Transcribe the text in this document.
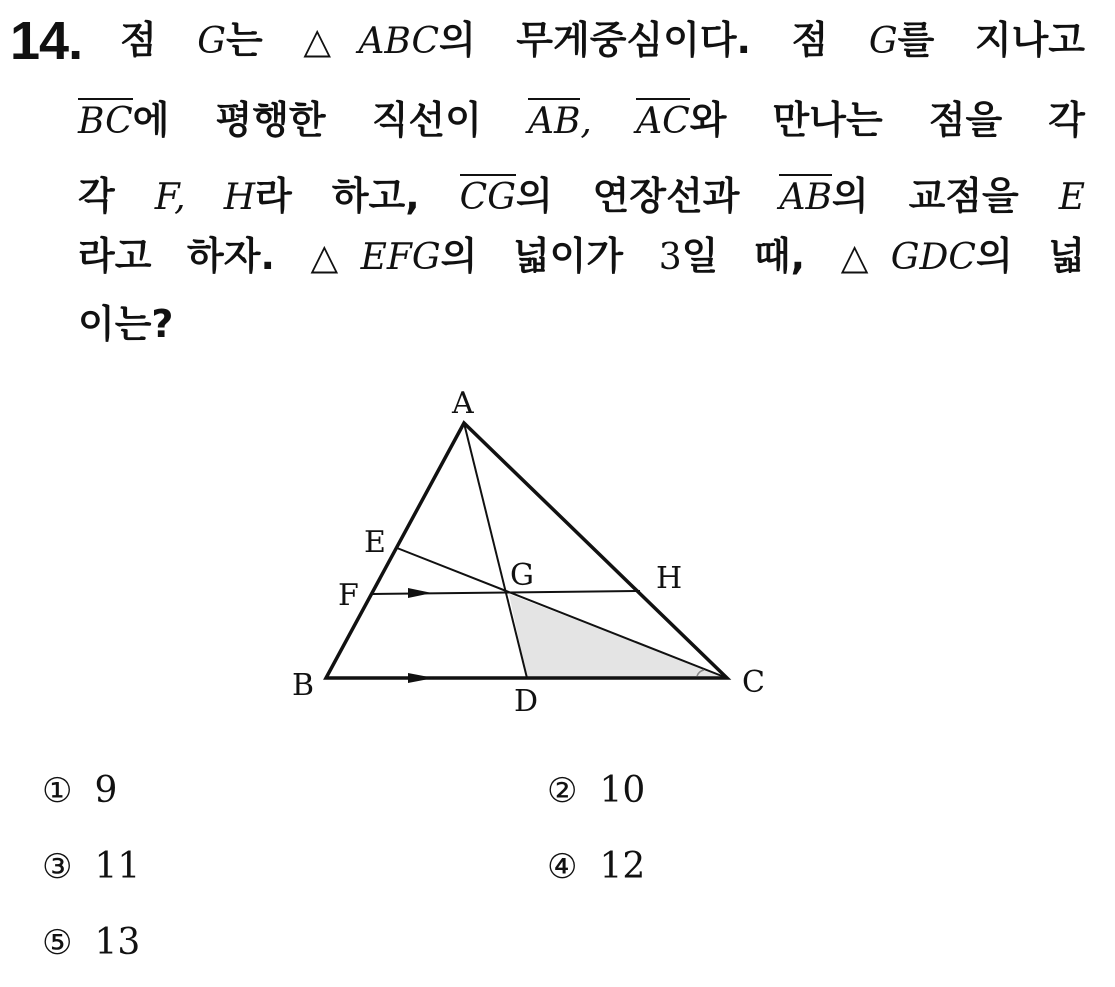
14. 점 G는 △ABC의 무게중심이다. 점 G를 지나고
BC에 평행한 직선이 AB, AC와 만나는 점을 각
각 F, H라 하고, CG의 연장선과 AB의 교점을 E
라고 하자. △EFG의 넓이가 3일 때, △GDC의 넓
이는?
A
E
F
G	H
B	D
C
① 9	② 10
③ 11	④ 12
⑤ 13
